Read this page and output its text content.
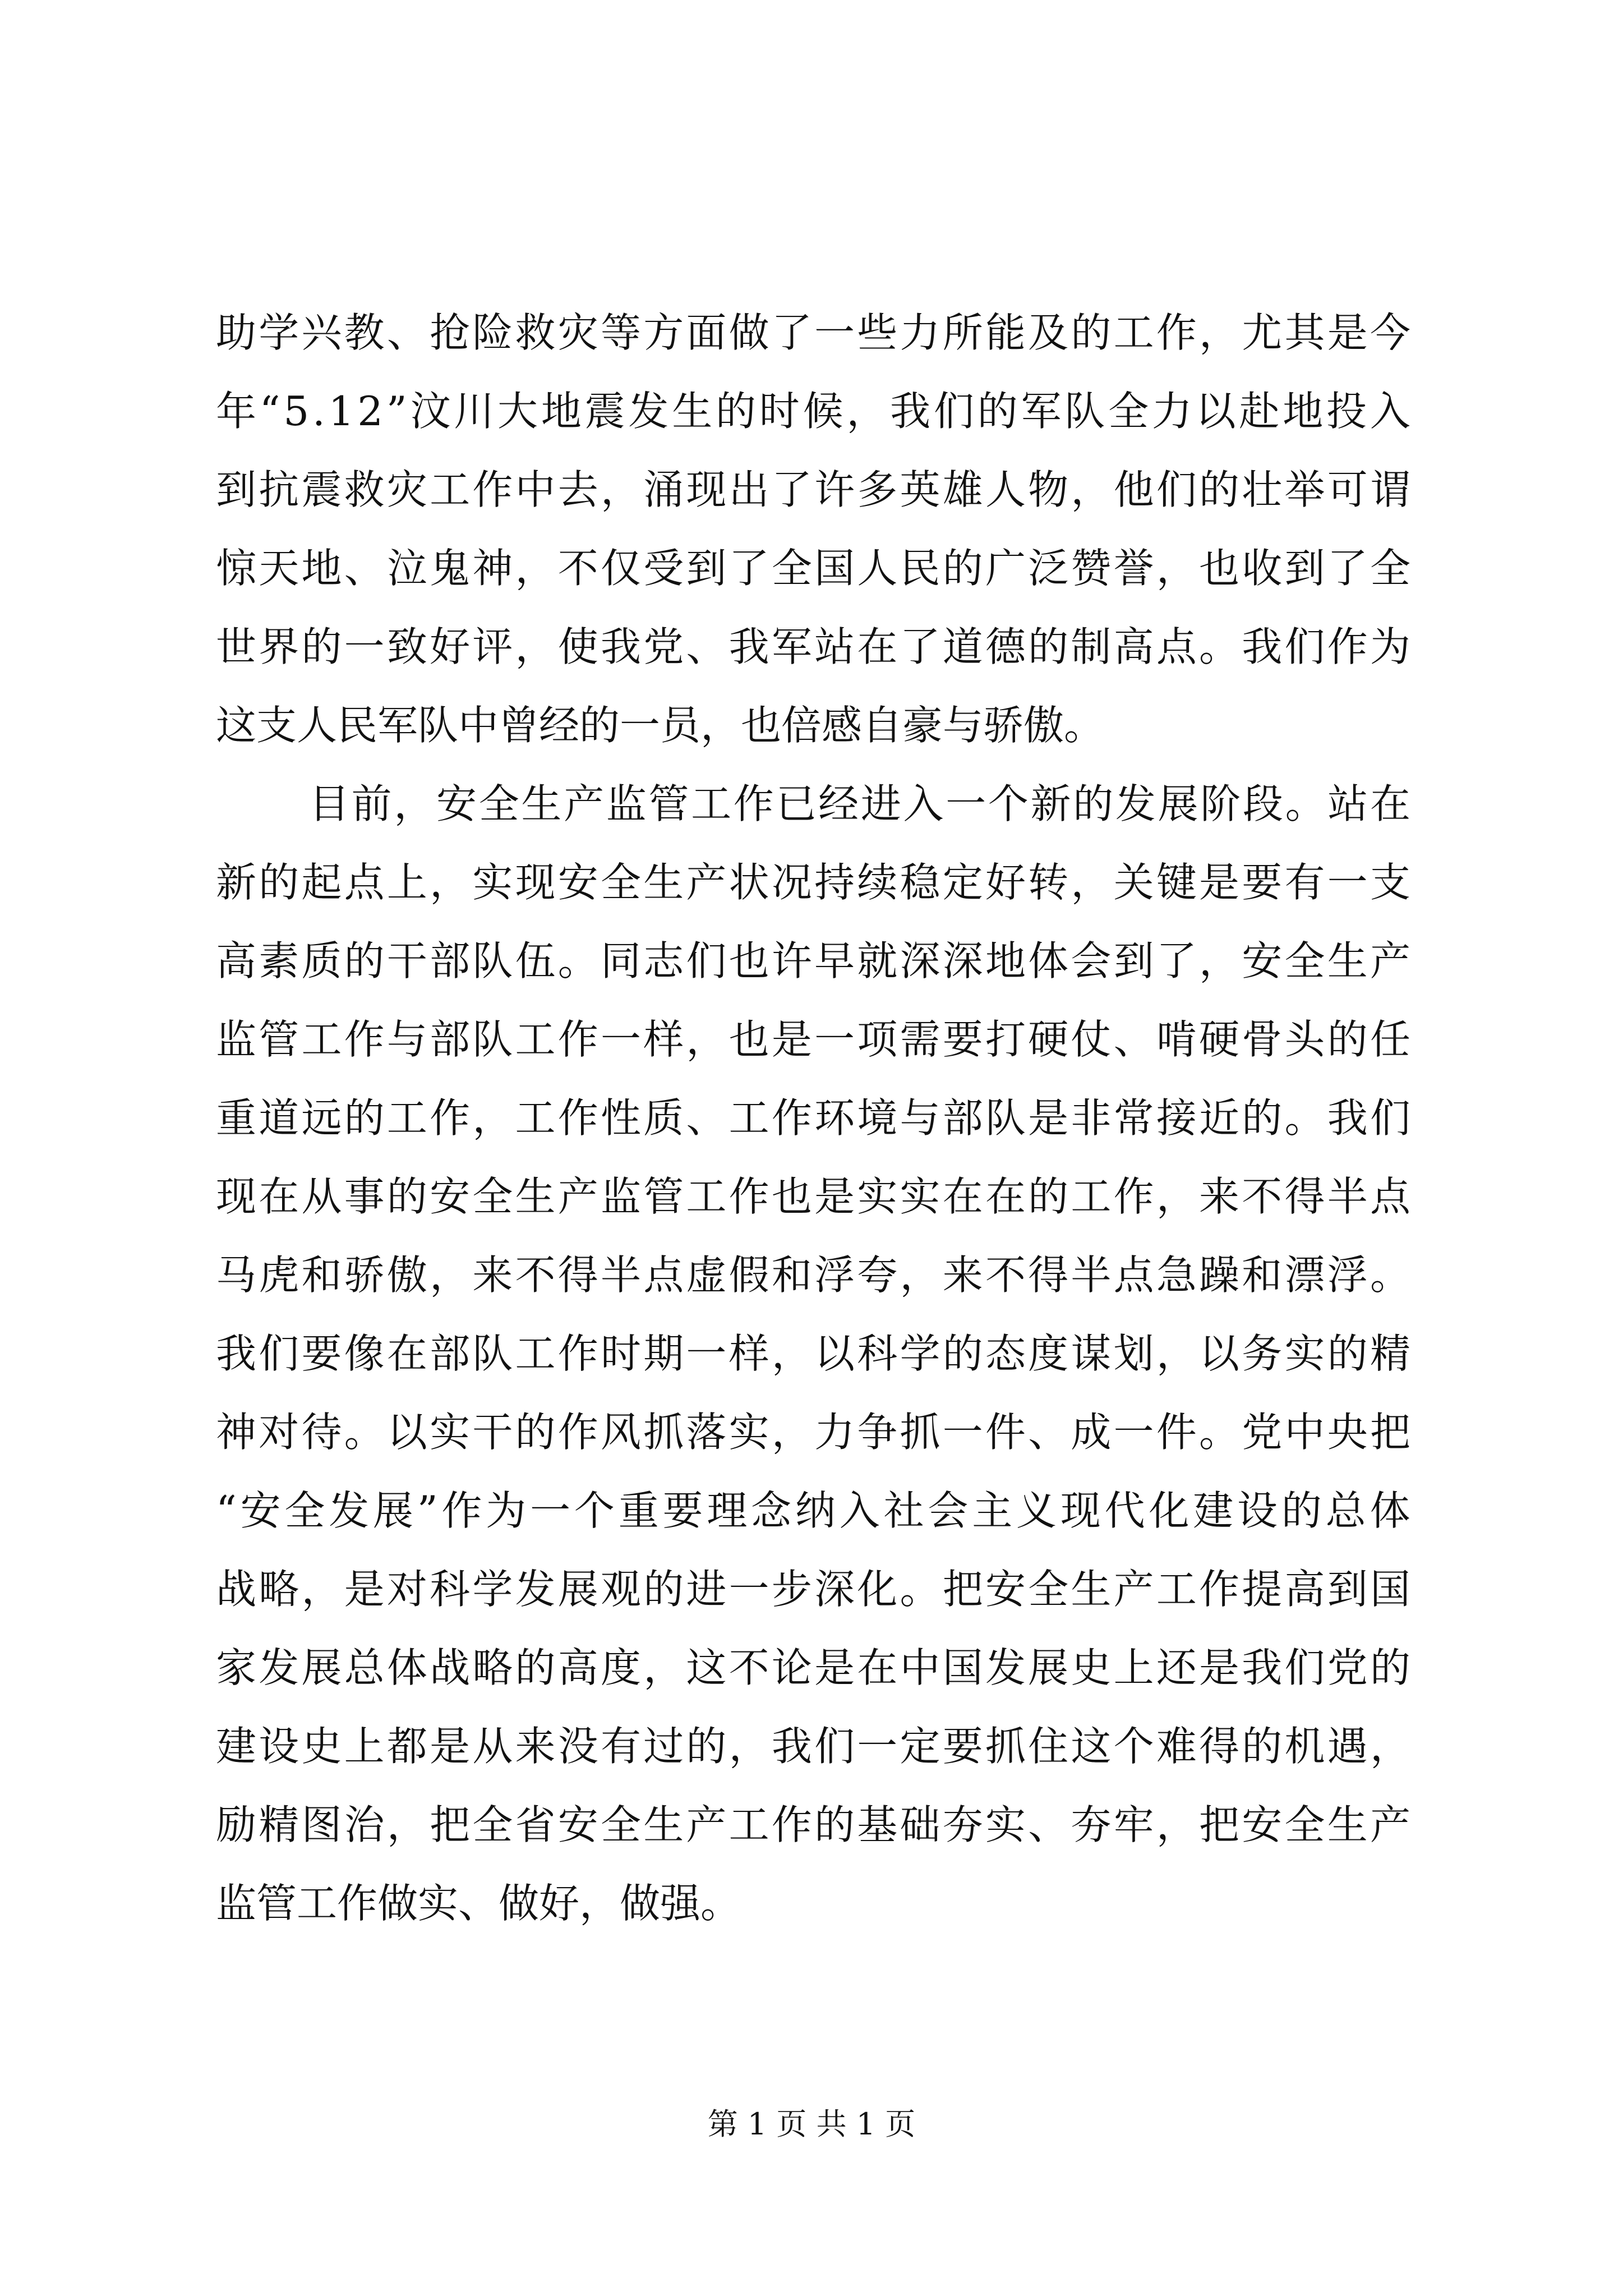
助学兴教、抢险救灾等方面做了一些力所能及的工作，尤其是今
年“5.12”汶川大地震发生的时候，我们的军队全力以赴地投入
到抗震救灾工作中去，涌现出了许多英雄人物，他们的壮举可谓
惊天地、泣鬼神，不仅受到了全国人民的广泛赞誉，也收到了全
世界的一致好评，使我党、我军站在了道德的制高点。我们作为
这支人民军队中曾经的一员，也倍感自豪与骄傲。
目前，安全生产监管工作已经进入一个新的发展阶段。站在
新的起点上，实现安全生产状况持续稳定好转，关键是要有一支
高素质的干部队伍。同志们也许早就深深地体会到了，安全生产
监管工作与部队工作一样，也是一项需要打硬仗、啃硬骨头的任
重道远的工作，工作性质、工作环境与部队是非常接近的。我们
现在从事的安全生产监管工作也是实实在在的工作，来不得半点
马虎和骄傲，来不得半点虚假和浮夸，来不得半点急躁和漂浮。
我们要像在部队工作时期一样，以科学的态度谋划，以务实的精
神对待。以实干的作风抓落实，力争抓一件、成一件。党中央把
“安全发展”作为一个重要理念纳入社会主义现代化建设的总体
战略，是对科学发展观的进一步深化。把安全生产工作提高到国
家发展总体战略的高度，这不论是在中国发展史上还是我们党的
建设史上都是从来没有过的，我们一定要抓住这个难得的机遇，
励精图治，把全省安全生产工作的基础夯实、夯牢，把安全生产
监管工作做实、做好，做强。
第 1 页 共 1 页
